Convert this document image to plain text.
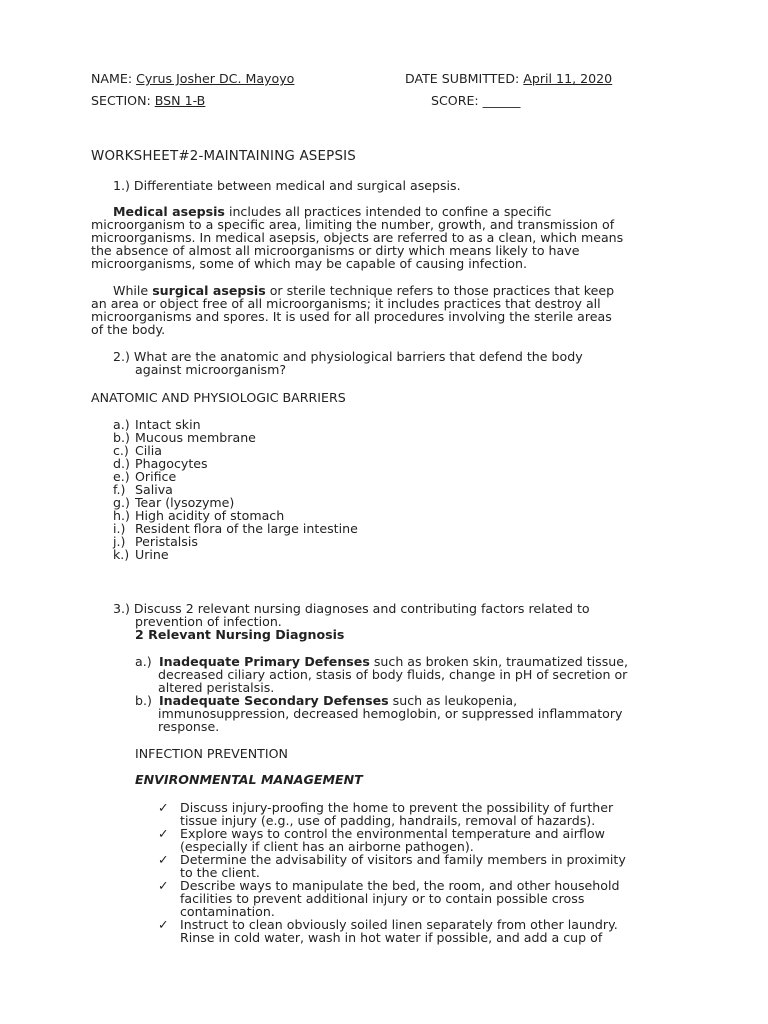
NAME: Cyrus Josher DC. Mayoyo	DATE SUBMITTED: April 11, 2020
SECTION: BSN 1-B	SCORE: ______
WORKSHEET#2-MAINTAINING ASEPSIS
1.) Differentiate between medical and surgical asepsis.
Medical asepsis includes all practices intended to confine a specific
microorganism to a specific area, limiting the number, growth, and transmission of
microorganisms. In medical asepsis, objects are referred to as a clean, which means
the absence of almost all microorganisms or dirty which means likely to have
microorganisms, some of which may be capable of causing infection.
While surgical asepsis or sterile technique refers to those practices that keep
an area or object free of all microorganisms; it includes practices that destroy all
microorganisms and spores. It is used for all procedures involving the sterile areas
of the body.
2.) What are the anatomic and physiological barriers that defend the body
against microorganism?
ANATOMIC AND PHYSIOLOGIC BARRIERS
a.) Intact skin
b.) Mucous membrane
c.) Cilia
d.) Phagocytes
e.) Orifice
f.) Saliva
g.) Tear (lysozyme)
h.) High acidity of stomach
i.) Resident flora of the large intestine
j.) Peristalsis
k.) Urine
3.) Discuss 2 relevant nursing diagnoses and contributing factors related to
prevention of infection.
2 Relevant Nursing Diagnosis
a.) Inadequate Primary Defenses such as broken skin, traumatized tissue,
decreased ciliary action, stasis of body fluids, change in pH of secretion or
altered peristalsis.
b.) Inadequate Secondary Defenses such as leukopenia,
immunosuppression, decreased hemoglobin, or suppressed inflammatory
response.
INFECTION PREVENTION
ENVIRONMENTAL MANAGEMENT
✓ Discuss injury-proofing the home to prevent the possibility of further
tissue injury (e.g., use of padding, handrails, removal of hazards).
✓ Explore ways to control the environmental temperature and airflow
(especially if client has an airborne pathogen).
✓ Determine the advisability of visitors and family members in proximity
to the client.
✓ Describe ways to manipulate the bed, the room, and other household
facilities to prevent additional injury or to contain possible cross
contamination.
✓ Instruct to clean obviously soiled linen separately from other laundry.
Rinse in cold water, wash in hot water if possible, and add a cup of
